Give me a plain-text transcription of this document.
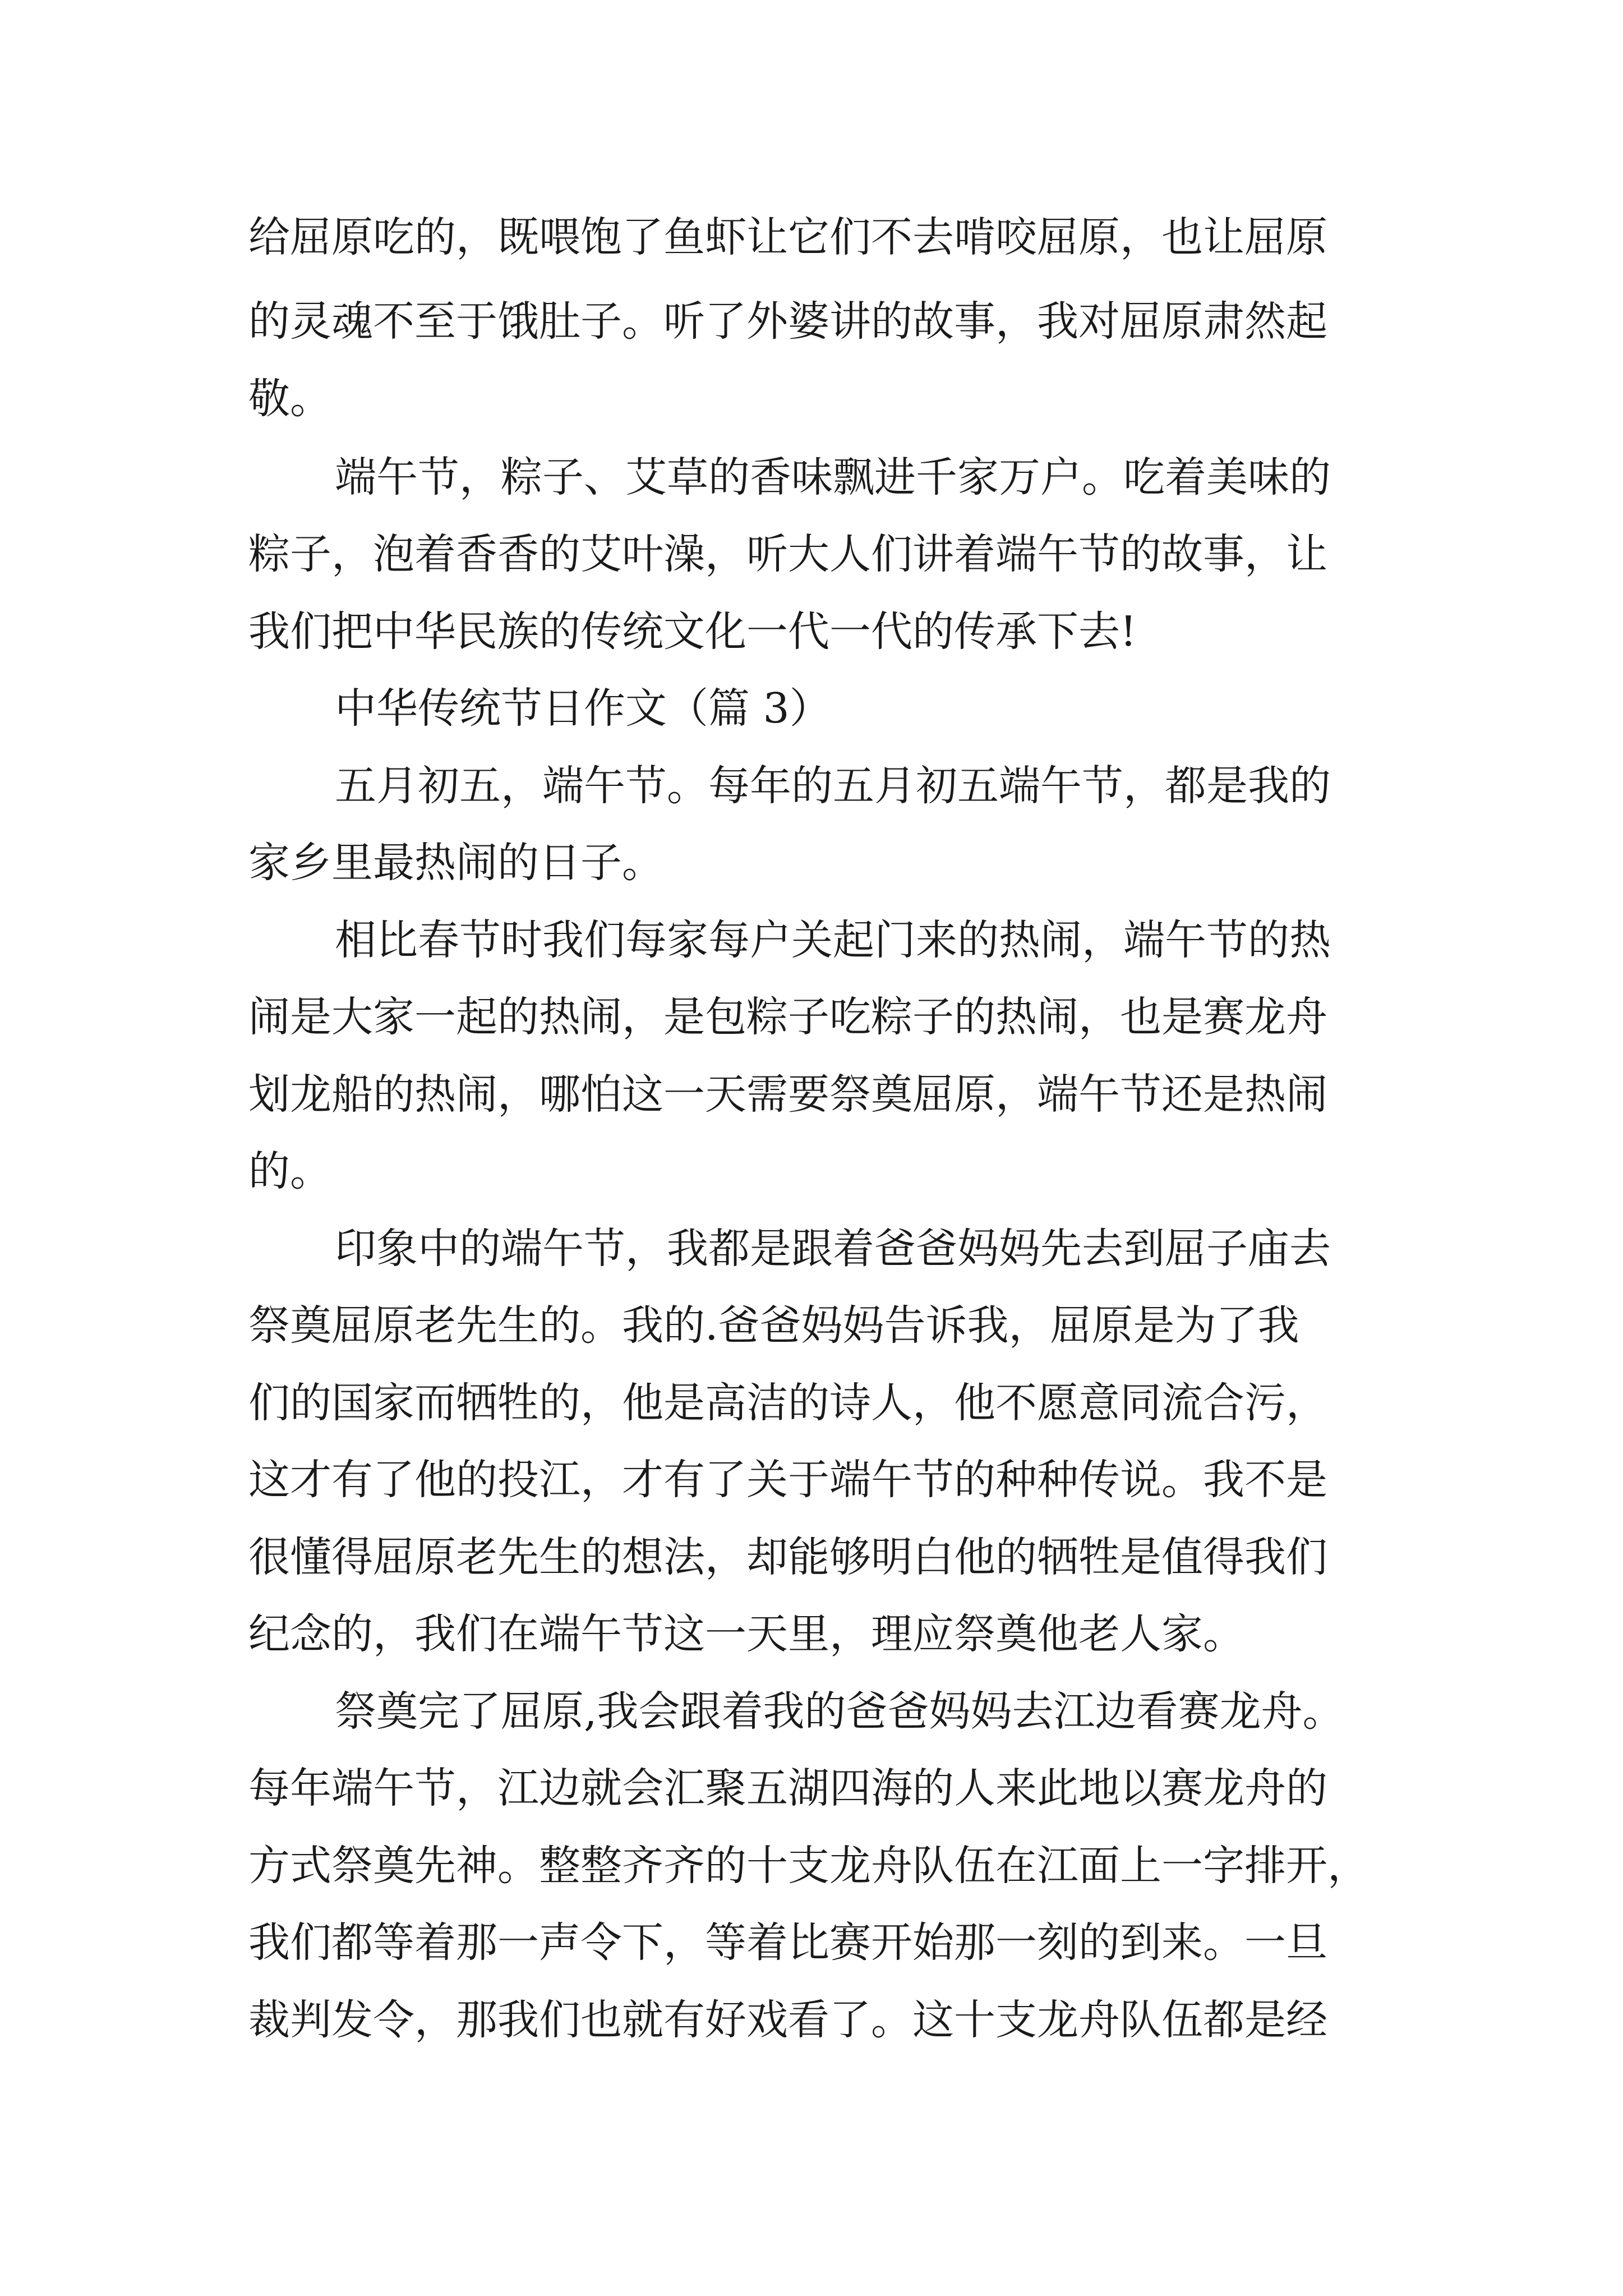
给屈原吃的，既喂饱了鱼虾让它们不去啃咬屈原，也让屈原

的灵魂不至于饿肚子。听了外婆讲的故事，我对屈原肃然起

敬。

端午节，粽子、艾草的香味飘进千家万户。吃着美味的

粽子，泡着香香的艾叶澡，听大人们讲着端午节的故事，让

我们把中华民族的传统文化一代一代的传承下去!

中华传统节日作文（篇 3）

五月初五，端午节。每年的五月初五端午节，都是我的

家乡里最热闹的日子。

相比春节时我们每家每户关起门来的热闹，端午节的热

闹是大家一起的热闹，是包粽子吃粽子的热闹，也是赛龙舟

划龙船的热闹，哪怕这一天需要祭奠屈原，端午节还是热闹

的。

印象中的端午节，我都是跟着爸爸妈妈先去到屈子庙去

祭奠屈原老先生的。我的.爸爸妈妈告诉我，屈原是为了我

们的国家而牺牲的，他是高洁的诗人，他不愿意同流合污，

这才有了他的投江，才有了关于端午节的种种传说。我不是

很懂得屈原老先生的想法，却能够明白他的牺牲是值得我们

纪念的，我们在端午节这一天里，理应祭奠他老人家。

祭奠完了屈原,我会跟着我的爸爸妈妈去江边看赛龙舟。

每年端午节，江边就会汇聚五湖四海的人来此地以赛龙舟的

方式祭奠先神。整整齐齐的十支龙舟队伍在江面上一字排开，

我们都等着那一声令下，等着比赛开始那一刻的到来。一旦

裁判发令，那我们也就有好戏看了。这十支龙舟队伍都是经
